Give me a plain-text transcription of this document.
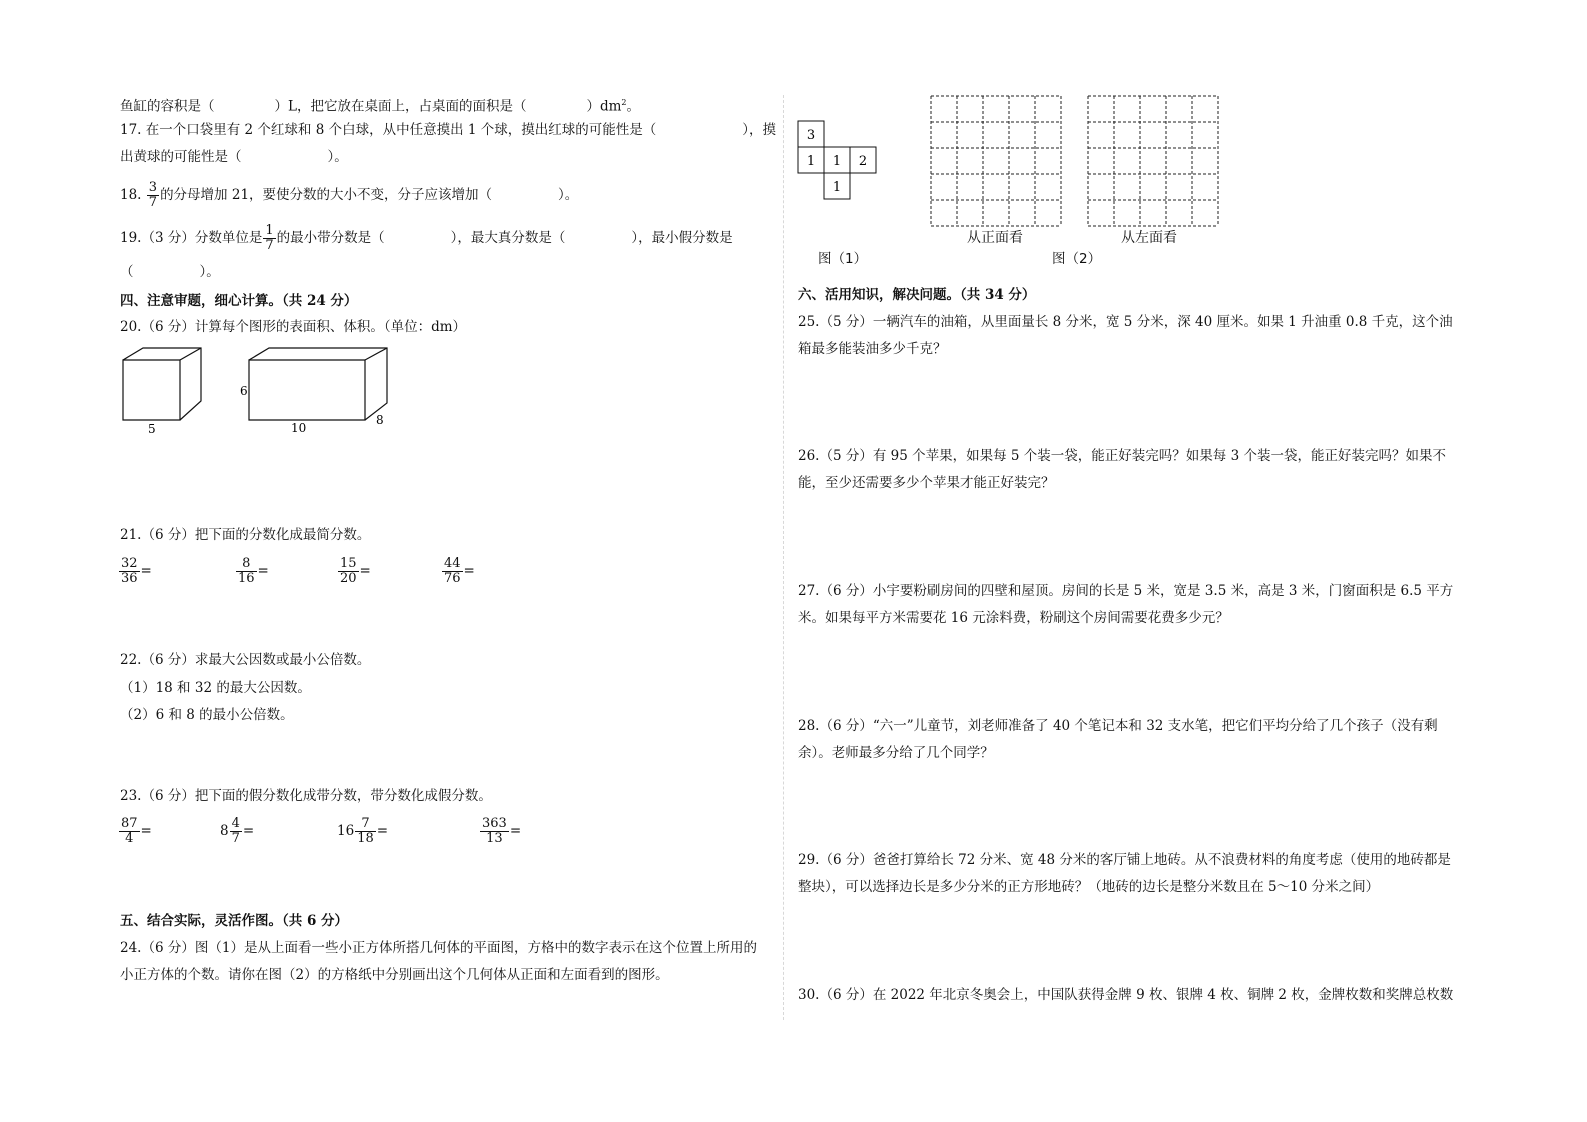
鱼缸的容积是（	）L，把它放在桌面上，占桌面的面积是（	）$dm^2$。
17. 在一个口袋里有 2 个红球和 8 个白球，从中任意摸出 1 个球，摸出红球的可能性是（	），摸
出黄球的可能性是（	）。
18. $\frac{3}{7}$ 的分母增加 21，要使分数的大小不变，分子应该增加（	）。
19.（3 分）分数单位是 $\frac{1}{7}$ 的最小带分数是（	），最大真分数是（	），最小假分数是
（	）。
四、注意审题，细心计算。（共 24 分）
20.（6 分）计算每个图形的表面积、体积。（单位：dm）
5
6
10
8
21.（6 分）把下面的分数化成最简分数。
$\frac{32}{36}$ =	$\frac{8}{16}$ =	$\frac{15}{20}$ =	$\frac{44}{76}$ =
22.（6 分）求最大公因数或最小公倍数。
（1）18 和 32 的最大公因数。
（2）6 和 8 的最小公倍数。
23.（6 分）把下面的假分数化成带分数，带分数化成假分数。
$\frac{87}{4}$ =	$8 \frac{4}{7}$ =	$16 \frac{7}{18}$ =	$\frac{363}{13}$ =
五、结合实际，灵活作图。（共 6 分）
24.（6 分）图（1）是从上面看一些小正方体所搭几何体的平面图，方格中的数字表示在这个位置上所用的
小正方体的个数。请你在图（2）的方格纸中分别画出这个几何体从正面和左面看到的图形。
3
1 1 2
1
从正面看	从左面看
图（1）	图（2）
六、活用知识，解决问题。（共 34 分）
25.（5 分）一辆汽车的油箱，从里面量长 8 分米，宽 5 分米，深 40 厘米。如果 1 升油重 0.8 千克，这个油
箱最多能装油多少千克？
26.（5 分）有 95 个苹果，如果每 5 个装一袋，能正好装完吗？如果每 3 个装一袋，能正好装完吗？如果不
能，至少还需要多少个苹果才能正好装完？
27.（6 分）小宇要粉刷房间的四壁和屋顶。房间的长是 5 米，宽是 3.5 米，高是 3 米，门窗面积是 6.5 平方
米。如果每平方米需要花 16 元涂料费，粉刷这个房间需要花费多少元？
28.（6 分）“六一”儿童节，刘老师准备了 40 个笔记本和 32 支水笔，把它们平均分给了几个孩子（没有剩
余）。老师最多分给了几个同学？
29.（6 分）爸爸打算给长 72 分米、宽 48 分米的客厅铺上地砖。从不浪费材料的角度考虑（使用的地砖都是
整块），可以选择边长是多少分米的正方形地砖？（地砖的边长是整分米数且在 5～10 分米之间）
30.（6 分）在 2022 年北京冬奥会上，中国队获得金牌 9 枚、银牌 4 枚、铜牌 2 枚，金牌枚数和奖牌总枚数
